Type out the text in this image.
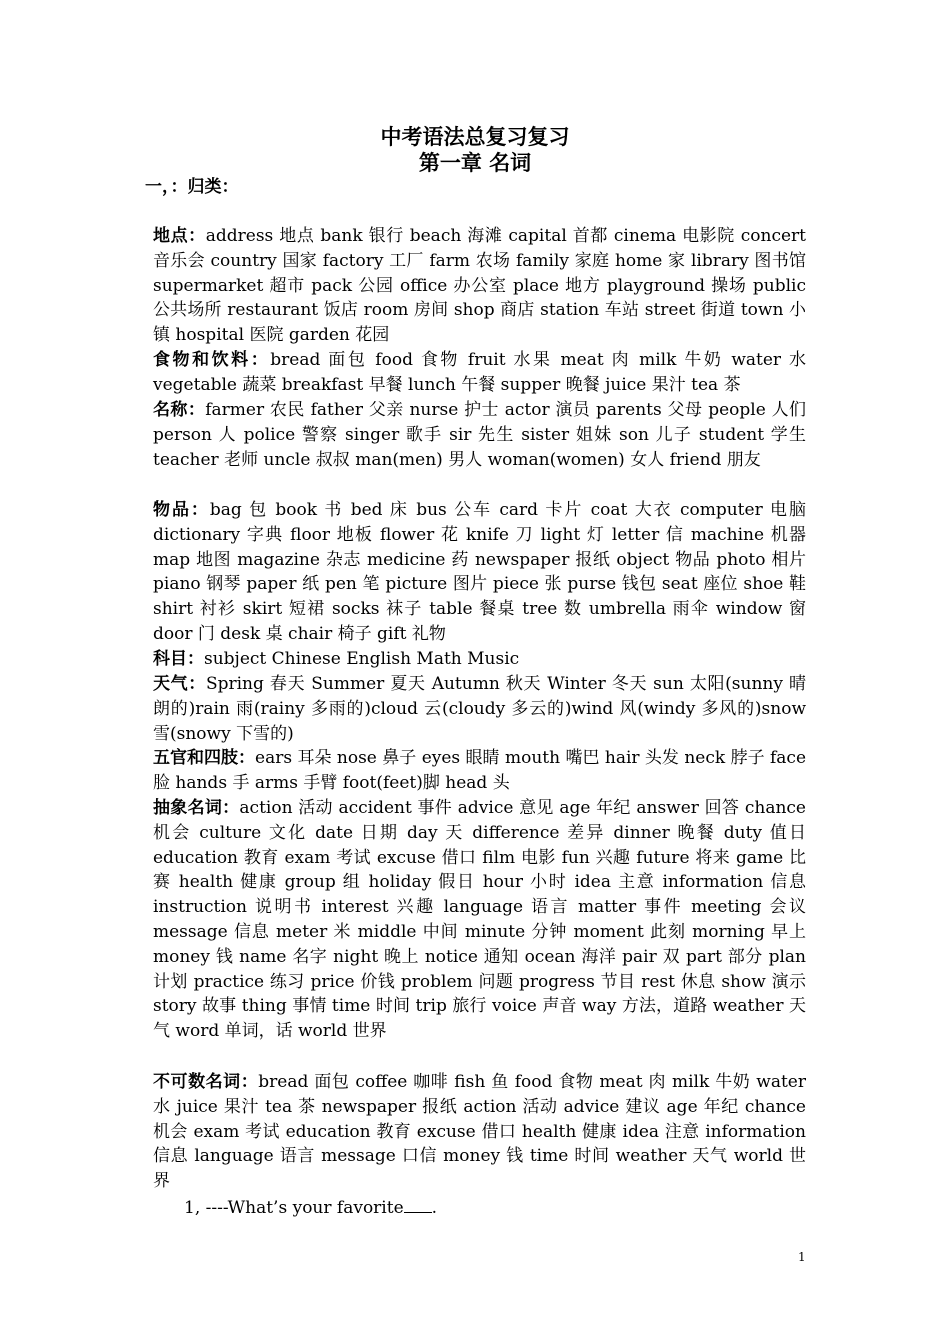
中考语法总复习复习
第一章 名词
一，：归类：
地点：address 地点 bank 银行 beach 海滩 capital 首都 cinema 电影院 concert 音乐会 country 国家 factory 工厂 farm 农场 family 家庭 home 家 library 图书馆 supermarket 超市 pack 公园 office 办公室 place 地方 playground 操场 public 公共场所 restaurant 饭店 room 房间 shop 商店 station 车站 street 街道 town 小镇 hospital 医院 garden 花园
食物和饮料：bread 面包 food 食物 fruit 水果 meat 肉 milk 牛奶 water 水 vegetable 蔬菜 breakfast 早餐 lunch 午餐 supper 晚餐 juice 果汁 tea 茶
名称：farmer 农民 father 父亲 nurse 护士 actor 演员 parents 父母 people 人们 person 人 police 警察 singer 歌手 sir 先生 sister 姐妹 son 儿子 student 学生 teacher 老师 uncle 叔叔 man(men) 男人 woman(women) 女人 friend 朋友
物品：bag 包 book 书 bed 床 bus 公车 card 卡片 coat 大衣 computer 电脑 dictionary 字典 floor 地板 flower 花 knife 刀 light 灯 letter 信 machine 机器 map 地图 magazine 杂志 medicine 药 newspaper 报纸 object 物品 photo 相片 piano 钢琴 paper 纸 pen 笔 picture 图片 piece 张 purse 钱包 seat 座位 shoe 鞋 shirt 衬衫 skirt 短裙 socks 袜子 table 餐桌 tree 数 umbrella 雨伞 window 窗 door 门 desk 桌 chair 椅子 gift 礼物
科目：subject Chinese English Math Music
天气：Spring 春天 Summer 夏天 Autumn 秋天 Winter 冬天 sun 太阳(sunny 晴朗的)rain 雨(rainy 多雨的)cloud 云(cloudy 多云的)wind 风(windy 多风的)snow 雪(snowy 下雪的)
五官和四肢：ears 耳朵 nose 鼻子 eyes 眼睛 mouth 嘴巴 hair 头发 neck 脖子 face 脸 hands 手 arms 手臂 foot(feet)脚 head 头
抽象名词：action 活动 accident 事件 advice 意见 age 年纪 answer 回答 chance 机会 culture 文化 date 日期 day 天 difference 差异 dinner 晚餐 duty 值日 education 教育 exam 考试 excuse 借口 film 电影 fun 兴趣 future 将来 game 比赛 health 健康 group 组 holiday 假日 hour 小时 idea 主意 information 信息 instruction 说明书 interest 兴趣 language 语言 matter 事件 meeting 会议 message 信息 meter 米 middle 中间 minute 分钟 moment 此刻 morning 早上 money 钱 name 名字 night 晚上 notice 通知 ocean 海洋 pair 双 part 部分 plan 计划 practice 练习 price 价钱 problem 问题 progress 节目 rest 休息 show 演示 story 故事 thing 事情 time 时间 trip 旅行 voice 声音 way 方法，道路 weather 天气 word 单词，话 world 世界
不可数名词：bread 面包 coffee 咖啡 fish 鱼 food 食物 meat 肉 milk 牛奶 water 水 juice 果汁 tea 茶 newspaper 报纸 action 活动 advice 建议 age 年纪 chance 机会 exam 考试 education 教育 excuse 借口 health 健康 idea 注意 information 信息 language 语言 message 口信 money 钱 time 时间 weather 天气 world 世界
1, ----What’s your favorite .
1
